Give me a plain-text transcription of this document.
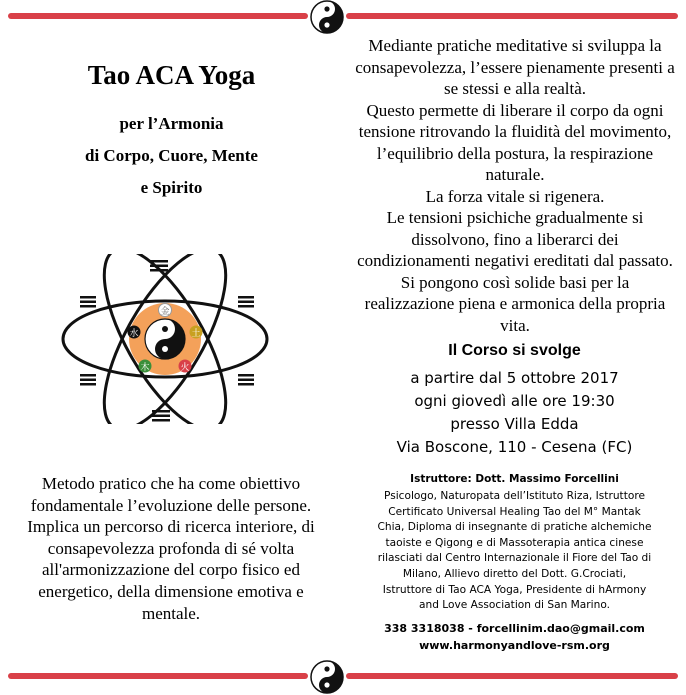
Tao ACA Yoga
per l’Armonia
di Corpo, Cuore, Mente
e Spirito
金
土
火
木
水
Metodo pratico che ha come obiettivo fondamentale l’evoluzione delle persone. Implica un percorso di ricerca interiore, di consapevolezza profonda di sé volta all'armonizzazione del corpo fisico ed energetico, della dimensione emotiva e mentale.
Mediante pratiche meditative si sviluppa la consapevolezza, l’essere pienamente presenti a se stessi e alla realtà.
Questo permette di liberare il corpo da ogni tensione ritrovando la fluidità del movimento, l’equilibrio della postura, la respirazione naturale.
La forza vitale si rigenera.
Le tensioni psichiche gradualmente si dissolvono, fino a liberarci dei condizionamenti negativi ereditati dal passato. Si pongono così solide basi per la realizzazione piena e armonica della propria vita.
Il Corso si svolge
a partire dal 5 ottobre 2017
ogni giovedì alle ore 19:30
presso Villa Edda
Via Boscone, 110 - Cesena (FC)
Istruttore: Dott. Massimo Forcellini
Psicologo, Naturopata dell’Istituto Riza, Istruttore
Certificato Universal Healing Tao del M° Mantak
Chia, Diploma di insegnante di pratiche alchemiche
taoiste e Qigong e di Massoterapia antica cinese
rilasciati dal Centro Internazionale il Fiore del Tao di
Milano, Allievo diretto del Dott. G.Crociati,
Istruttore di Tao ACA Yoga, Presidente di hArmony
and Love Association di San Marino.
338 3318038 - forcellinim.dao@gmail.com
www.harmonyandlove-rsm.org
